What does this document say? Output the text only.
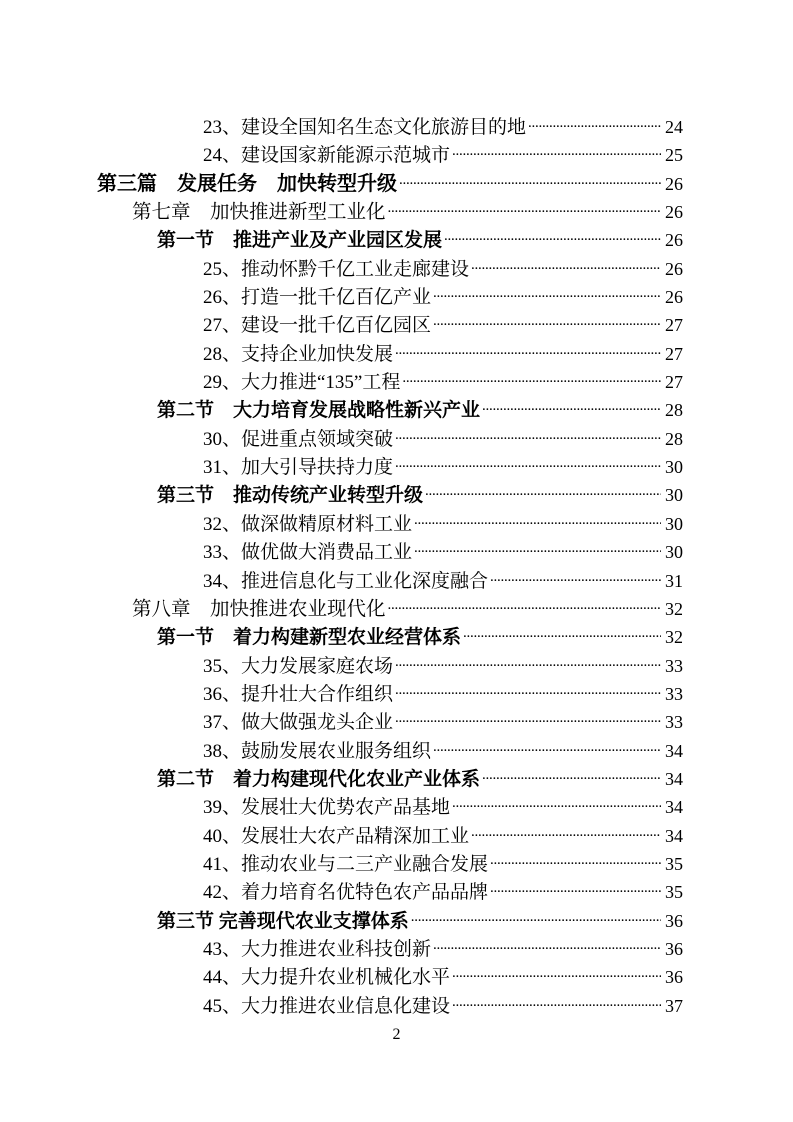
23、建设全国知名生态文化旅游目的地 . . .	24
24、建设国家新能源示范城市 . . .	25
第三篇　发展任务　加快转型升级 . . .	26
第七章　加快推进新型工业化 . . .	26
第一节　推进产业及产业园区发展 . . .	26
25、推动怀黔千亿工业走廊建设 . . .	26
26、打造一批千亿百亿产业 . . .	26
27、建设一批千亿百亿园区 . . .	27
28、支持企业加快发展 . . .	27
29、大力推进“135”工程 . . .	27
第二节　大力培育发展战略性新兴产业 . . .	28
30、促进重点领域突破 . . .	28
31、加大引导扶持力度 . . .	30
第三节　推动传统产业转型升级 . . .	30
32、做深做精原材料工业 . . .	30
33、做优做大消费品工业 . . .	30
34、推进信息化与工业化深度融合 . . .	31
第八章　加快推进农业现代化 . . .	32
第一节　着力构建新型农业经营体系 . . .	32
35、大力发展家庭农场 . . .	33
36、提升壮大合作组织 . . .	33
37、做大做强龙头企业 . . .	33
38、鼓励发展农业服务组织 . . .	34
第二节　着力构建现代化农业产业体系 . . .	34
39、发展壮大优势农产品基地 . . .	34
40、发展壮大农产品精深加工业 . . .	34
41、推动农业与二三产业融合发展 . . .	35
42、着力培育名优特色农产品品牌 . . .	35
第三节 完善现代农业支撑体系 . . .	36
43、大力推进农业科技创新 . . .	36
44、大力提升农业机械化水平 . . .	36
45、大力推进农业信息化建设 . . .	37
2
